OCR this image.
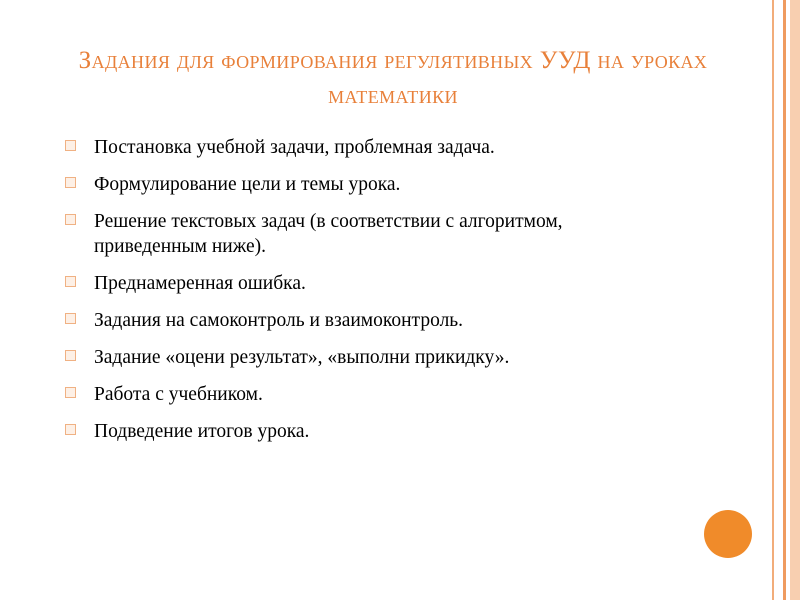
Задания для формирования регулятивных УУД на уроках математики
Постановка учебной задачи, проблемная задача.
Формулирование цели и темы урока.
Решение текстовых задач (в соответствии с алгоритмом, приведенным ниже).
Преднамеренная ошибка.
Задания на самоконтроль и взаимоконтроль.
Задание «оцени результат», «выполни прикидку».
Работа с учебником.
Подведение итогов урока.
